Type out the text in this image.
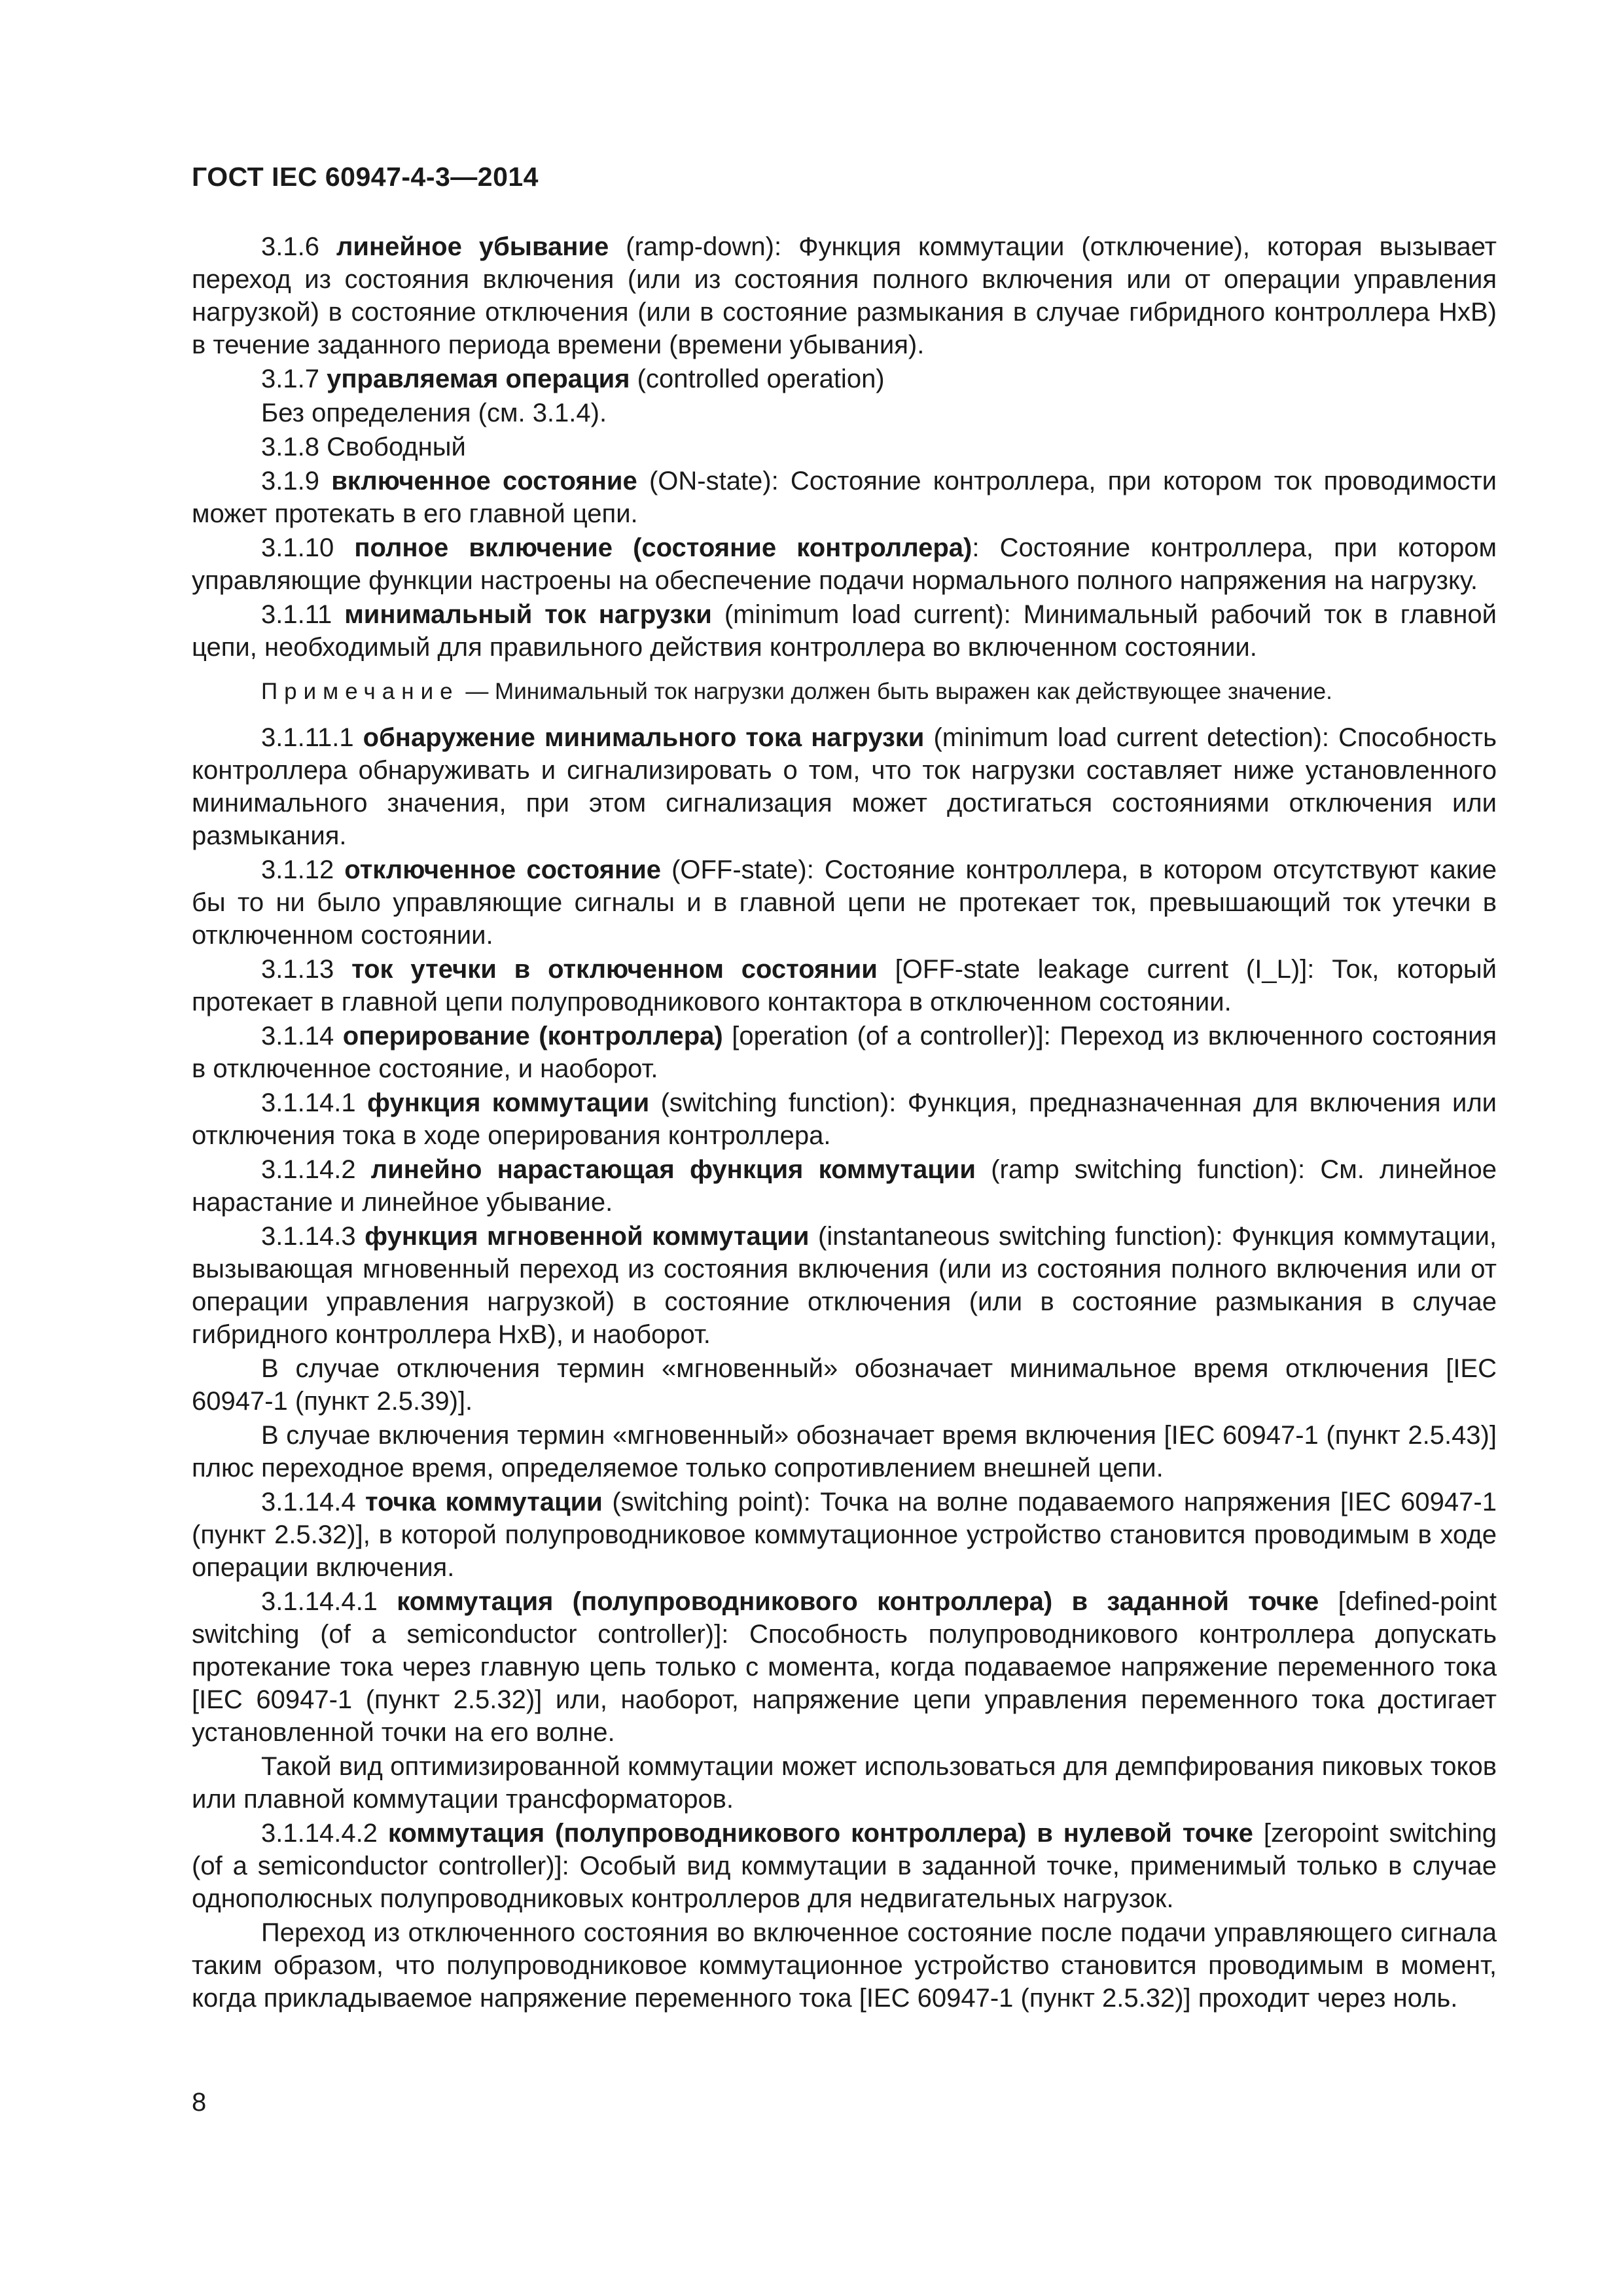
ГОСТ IEC 60947-4-3—2014
3.1.6 линейное убывание (ramp-down): Функция коммутации (отключение), которая вызывает переход из состояния включения (или из состояния полного включения или от операции управления нагрузкой) в состояние отключения (или в состояние размыкания в случае гибридного контроллера HxB) в течение заданного периода времени (времени убывания).
3.1.7 управляемая операция (controlled operation)
Без определения (см. 3.1.4).
3.1.8 Свободный
3.1.9 включенное состояние (ON-state): Состояние контроллера, при котором ток проводимости может протекать в его главной цепи.
3.1.10 полное включение (состояние контроллера): Состояние контроллера, при котором управляющие функции настроены на обеспечение подачи нормального полного напряжения на нагрузку.
3.1.11 минимальный ток нагрузки (minimum load current): Минимальный рабочий ток в главной цепи, необходимый для правильного действия контроллера во включенном состоянии.
Примечание — Минимальный ток нагрузки должен быть выражен как действующее значение.
3.1.11.1 обнаружение минимального тока нагрузки (minimum load current detection): Способность контроллера обнаруживать и сигнализировать о том, что ток нагрузки составляет ниже установленного минимального значения, при этом сигнализация может достигаться состояниями отключения или размыкания.
3.1.12 отключенное состояние (OFF-state): Состояние контроллера, в котором отсутствуют какие бы то ни было управляющие сигналы и в главной цепи не протекает ток, превышающий ток утечки в отключенном состоянии.
3.1.13 ток утечки в отключенном состоянии [OFF-state leakage current (I_L)]: Ток, который протекает в главной цепи полупроводникового контактора в отключенном состоянии.
3.1.14 оперирование (контроллера) [operation (of a controller)]: Переход из включенного состояния в отключенное состояние, и наоборот.
3.1.14.1 функция коммутации (switching function): Функция, предназначенная для включения или отключения тока в ходе оперирования контроллера.
3.1.14.2 линейно нарастающая функция коммутации (ramp switching function): См. линейное нарастание и линейное убывание.
3.1.14.3 функция мгновенной коммутации (instantaneous switching function): Функция коммутации, вызывающая мгновенный переход из состояния включения (или из состояния полного включения или от операции управления нагрузкой) в состояние отключения (или в состояние размыкания в случае гибридного контроллера HxB), и наоборот.
В случае отключения термин «мгновенный» обозначает минимальное время отключения [IEC 60947-1 (пункт 2.5.39)].
В случае включения термин «мгновенный» обозначает время включения [IEC 60947-1 (пункт 2.5.43)] плюс переходное время, определяемое только сопротивлением внешней цепи.
3.1.14.4 точка коммутации (switching point): Точка на волне подаваемого напряжения [IEC 60947-1 (пункт 2.5.32)], в которой полупроводниковое коммутационное устройство становится проводимым в ходе операции включения.
3.1.14.4.1 коммутация (полупроводникового контроллера) в заданной точке [defined-point switching (of a semiconductor controller)]: Способность полупроводникового контроллера допускать протекание тока через главную цепь только с момента, когда подаваемое напряжение переменного тока [IEC 60947-1 (пункт 2.5.32)] или, наоборот, напряжение цепи управления переменного тока достигает установленной точки на его волне.
Такой вид оптимизированной коммутации может использоваться для демпфирования пиковых токов или плавной коммутации трансформаторов.
3.1.14.4.2 коммутация (полупроводникового контроллера) в нулевой точке [zeropoint switching (of a semiconductor controller)]: Особый вид коммутации в заданной точке, применимый только в случае однополюсных полупроводниковых контроллеров для недвигательных нагрузок.
Переход из отключенного состояния во включенное состояние после подачи управляющего сигнала таким образом, что полупроводниковое коммутационное устройство становится проводимым в момент, когда прикладываемое напряжение переменного тока [IEC 60947-1 (пункт 2.5.32)] проходит через ноль.
8
